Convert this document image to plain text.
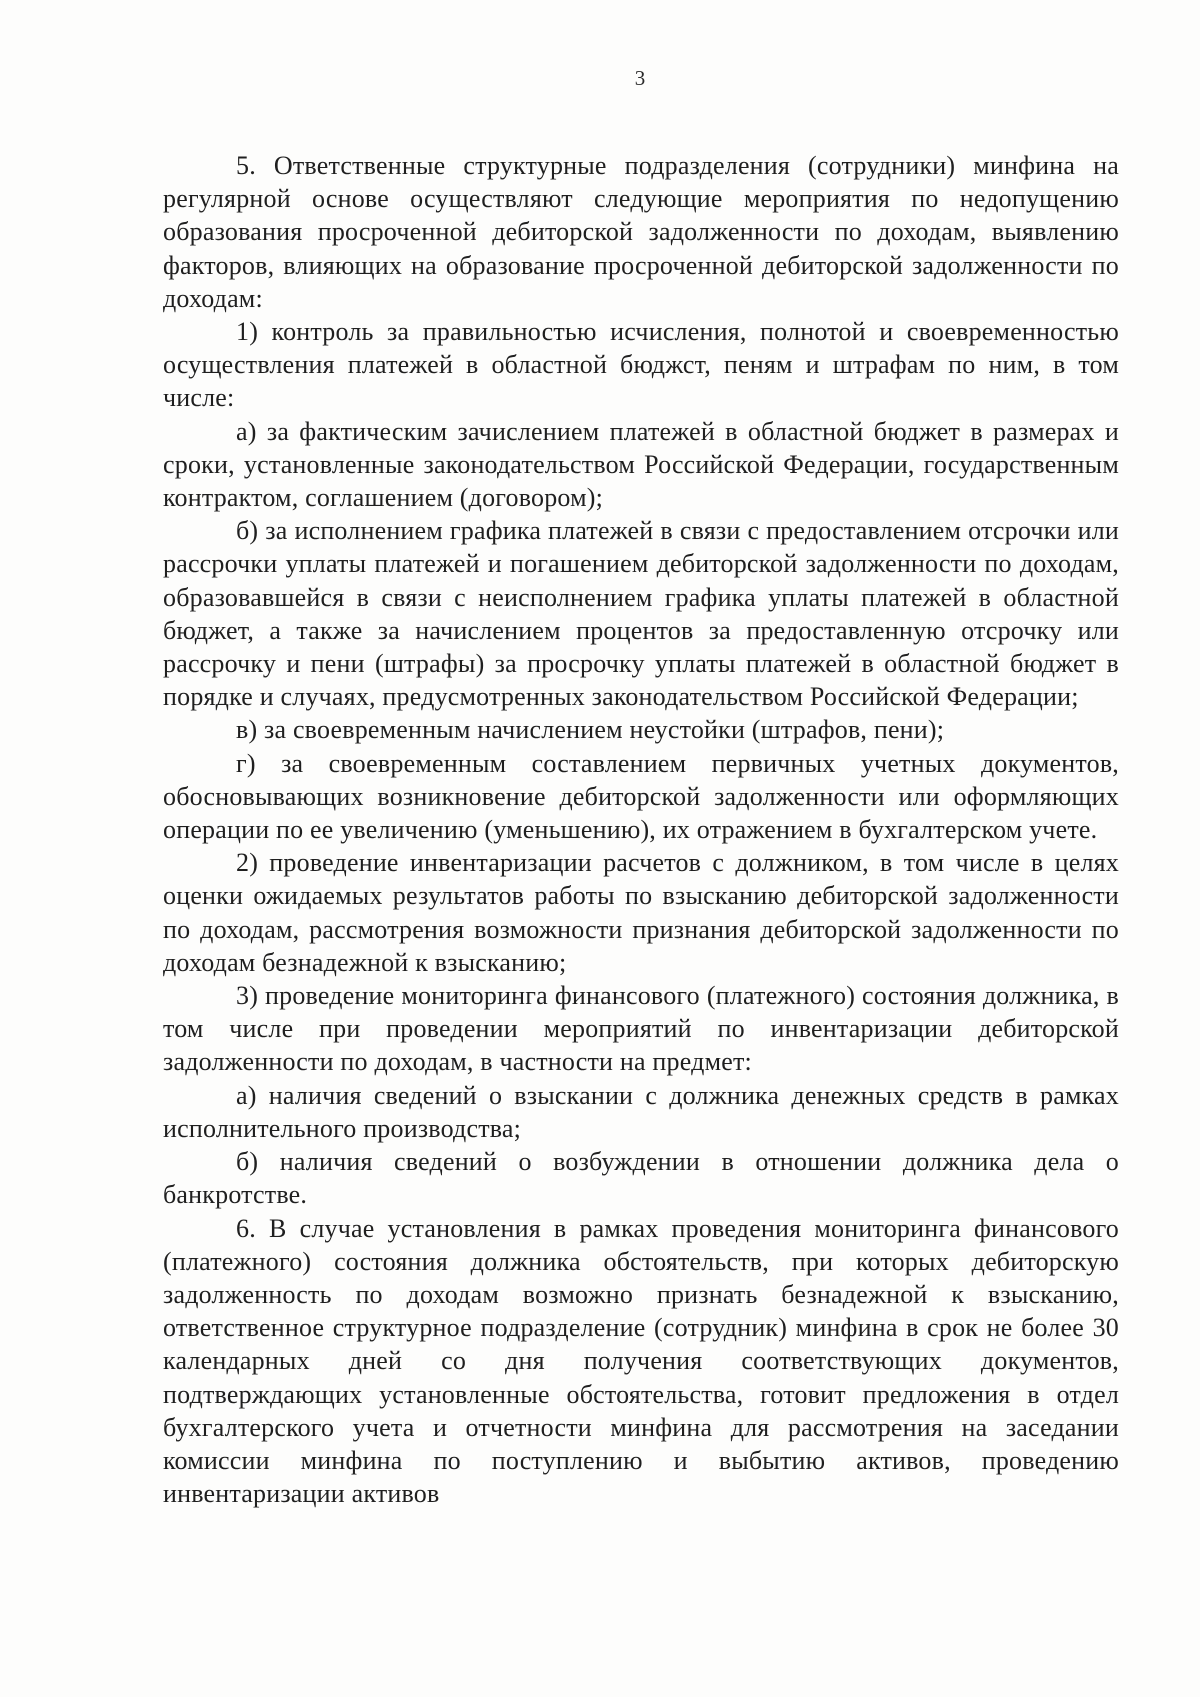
3

5. Ответственные структурные подразделения (сотрудники) минфина на регулярной основе осуществляют следующие мероприятия по недопущению образования просроченной дебиторской задолженности по доходам, выявлению факторов, влияющих на образование просроченной дебиторской задолженности по доходам:

1) контроль за правильностью исчисления, полнотой и своевременностью осуществления платежей в областной бюджст, пеням и штрафам по ним, в том числе:

а) за фактическим зачислением платежей в областной бюджет в размерах и сроки, установленные законодательством Российской Федерации, государственным контрактом, соглашением (договором);

б) за исполнением графика платежей в связи с предоставлением отсрочки или рассрочки уплаты платежей и погашением дебиторской задолженности по доходам, образовавшейся в связи с неисполнением графика уплаты платежей в областной бюджет, а также за начислением процентов за предоставленную отсрочку или рассрочку и пени (штрафы) за просрочку уплаты платежей в областной бюджет в порядке и случаях, предусмотренных законодательством Российской Федерации;

в) за своевременным начислением неустойки (штрафов, пени);

г) за своевременным составлением первичных учетных документов, обосновывающих возникновение дебиторской задолженности или оформляющих операции по ее увеличению (уменьшению), их отражением в бухгалтерском учете.

2) проведение инвентаризации расчетов с должником, в том числе в целях оценки ожидаемых результатов работы по взысканию дебиторской задолженности по доходам, рассмотрения возможности признания дебиторской задолженности по доходам безнадежной к взысканию;

3) проведение мониторинга финансового (платежного) состояния должника, в том числе при проведении мероприятий по инвентаризации дебиторской задолженности по доходам, в частности на предмет:

а) наличия сведений о взыскании с должника денежных средств в рамках исполнительного производства;

б) наличия сведений о возбуждении в отношении должника дела о банкротстве.

6. В случае установления в рамках проведения мониторинга финансового (платежного) состояния должника обстоятельств, при которых дебиторскую задолженность по доходам возможно признать безнадежной к взысканию, ответственное структурное подразделение (сотрудник) минфина в срок не более 30 календарных дней со дня получения соответствующих документов, подтверждающих установленные обстоятельства, готовит предложения в отдел бухгалтерского учета и отчетности минфина для рассмотрения на заседании комиссии минфина по поступлению и выбытию активов, проведению инвентаризации активов
